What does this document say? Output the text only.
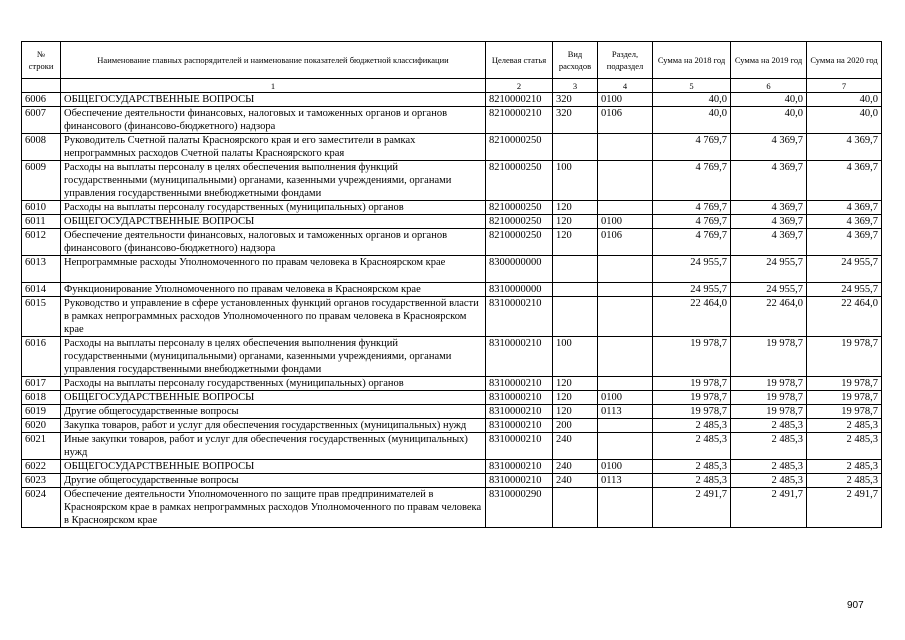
№ строки	Наименование главных распорядителей и наименование показателей бюджетной классификации	Целевая статья	Вид расходов	Раздел, подраздел	Сумма на 2018 год	Сумма на 2019 год	Сумма на 2020 год
	1	2	3	4	5	6	7
6006	ОБЩЕГОСУДАРСТВЕННЫЕ ВОПРОСЫ	8210000210	320	0100	40,0	40,0	40,0
6007	Обеспечение деятельности финансовых, налоговых и таможенных органов и органов финансового (финансово-бюджетного) надзора	8210000210	320	0106	40,0	40,0	40,0
6008	Руководитель Счетной палаты Красноярского края и его заместители в рамках непрограммных расходов Счетной палаты Красноярского края	8210000250			4 769,7	4 369,7	4 369,7
6009	Расходы на выплаты персоналу в целях обеспечения выполнения функций государственными (муниципальными) органами, казенными учреждениями, органами управления государственными внебюджетными фондами	8210000250	100		4 769,7	4 369,7	4 369,7
6010	Расходы на выплаты персоналу государственных (муниципальных) органов	8210000250	120		4 769,7	4 369,7	4 369,7
6011	ОБЩЕГОСУДАРСТВЕННЫЕ ВОПРОСЫ	8210000250	120	0100	4 769,7	4 369,7	4 369,7
6012	Обеспечение деятельности финансовых, налоговых и таможенных органов и органов финансового (финансово-бюджетного) надзора	8210000250	120	0106	4 769,7	4 369,7	4 369,7
6013	Непрограммные расходы Уполномоченного по правам человека в Красноярском крае	8300000000			24 955,7	24 955,7	24 955,7
6014	Функционирование Уполномоченного по правам человека в Красноярском крае	8310000000			24 955,7	24 955,7	24 955,7
6015	Руководство и управление в сфере установленных функций органов государственной власти в рамках непрограммных расходов Уполномоченного по правам человека в Красноярском крае	8310000210			22 464,0	22 464,0	22 464,0
6016	Расходы на выплаты персоналу в целях обеспечения выполнения функций государственными (муниципальными) органами, казенными учреждениями, органами управления государственными внебюджетными фондами	8310000210	100		19 978,7	19 978,7	19 978,7
6017	Расходы на выплаты персоналу государственных (муниципальных) органов	8310000210	120		19 978,7	19 978,7	19 978,7
6018	ОБЩЕГОСУДАРСТВЕННЫЕ ВОПРОСЫ	8310000210	120	0100	19 978,7	19 978,7	19 978,7
6019	Другие общегосударственные вопросы	8310000210	120	0113	19 978,7	19 978,7	19 978,7
6020	Закупка товаров, работ и услуг для обеспечения государственных (муниципальных) нужд	8310000210	200		2 485,3	2 485,3	2 485,3
6021	Иные закупки товаров, работ и услуг для обеспечения государственных (муниципальных) нужд	8310000210	240		2 485,3	2 485,3	2 485,3
6022	ОБЩЕГОСУДАРСТВЕННЫЕ ВОПРОСЫ	8310000210	240	0100	2 485,3	2 485,3	2 485,3
6023	Другие общегосударственные вопросы	8310000210	240	0113	2 485,3	2 485,3	2 485,3
6024	Обеспечение деятельности Уполномоченного по защите прав предпринимателей в Красноярском крае в рамках непрограммных расходов Уполномоченного по правам человека в Красноярском крае	8310000290			2 491,7	2 491,7	2 491,7
907
